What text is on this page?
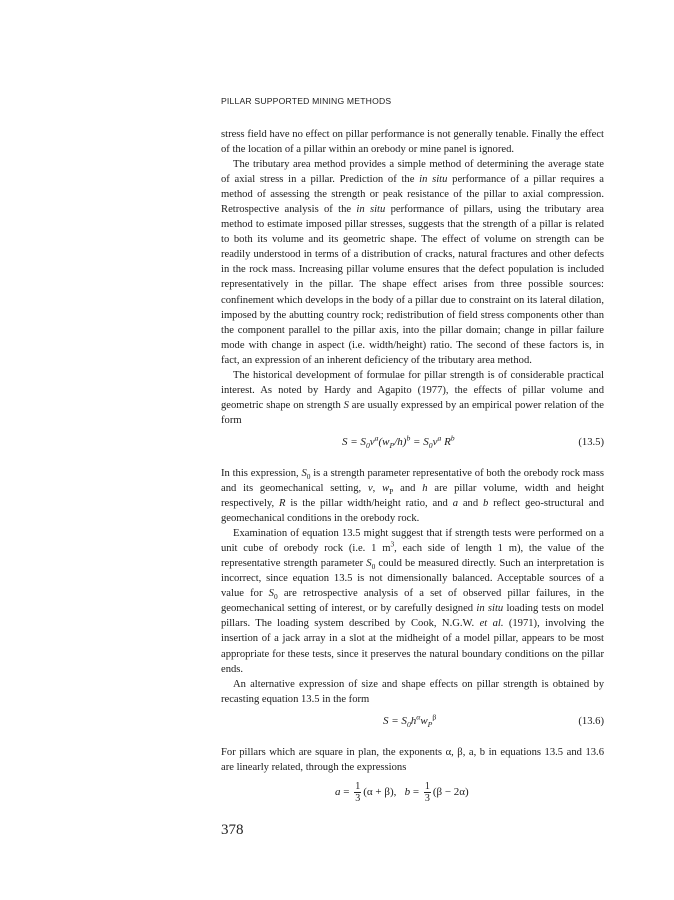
PILLAR SUPPORTED MINING METHODS

stress field have no effect on pillar performance is not generally tenable. Finally the effect of the location of a pillar within an orebody or mine panel is ignored.

The tributary area method provides a simple method of determining the average state of axial stress in a pillar. Prediction of the in situ performance of a pillar requires a method of assessing the strength or peak resistance of the pillar to axial compression. Retrospective analysis of the in situ performance of pillars, using the tributary area method to estimate imposed pillar stresses, suggests that the strength of a pillar is related to both its volume and its geometric shape. The effect of volume on strength can be readily understood in terms of a distribution of cracks, natural fractures and other defects in the rock mass. Increasing pillar volume ensures that the defect population is included representatively in the pillar. The shape effect arises from three possible sources: confinement which develops in the body of a pillar due to constraint on its lateral dilation, imposed by the abutting country rock; redistribution of field stress components other than the component parallel to the pillar axis, into the pillar domain; change in pillar failure mode with change in aspect (i.e. width/height) ratio. The second of these factors is, in fact, an expression of an inherent deficiency of the tributary area method.

The historical development of formulae for pillar strength is of considerable practical interest. As noted by Hardy and Agapito (1977), the effects of pillar volume and geometric shape on strength S are usually expressed by an empirical power relation of the form

$S = S_0v^a(w_P/h)^b = S_0v^a$ $R^b$	(13.5)

In this expression, $S_0$ is a strength parameter representative of both the orebody rock mass and its geomechanical setting, v, $w_P$ and h are pillar volume, width and height respectively, R is the pillar width/height ratio, and a and b reflect geo-structural and geomechanical conditions in the orebody rock.

Examination of equation 13.5 might suggest that if strength tests were performed on a unit cube of orebody rock (i.e. 1 $m^3$, each side of length 1 m), the value of the representative strength parameter $S_0$ could be measured directly. Such an interpretation is incorrect, since equation 13.5 is not dimensionally balanced. Acceptable sources of a value for $S_0$ are retrospective analysis of a set of observed pillar failures, in the geomechanical setting of interest, or by carefully designed in situ loading tests on model pillars. The loading system described by Cook, N.G.W. et al. (1971), involving the insertion of a jack array in a slot at the midheight of a model pillar, appears to be most appropriate for these tests, since it preserves the natural boundary conditions on the pillar ends.

An alternative expression of size and shape effects on pillar strength is obtained by recasting equation 13.5 in the form

$S = S_0h^\alpha w_P^\beta$	(13.6)

For pillars which are square in plan, the exponents α, β, a, b in equations 13.5 and 13.6 are linearly related, through the expressions

$a = \frac{1}{3} (\alpha + \beta)$,   $b = \frac{1}{3} (\beta - 2\alpha)$
378
